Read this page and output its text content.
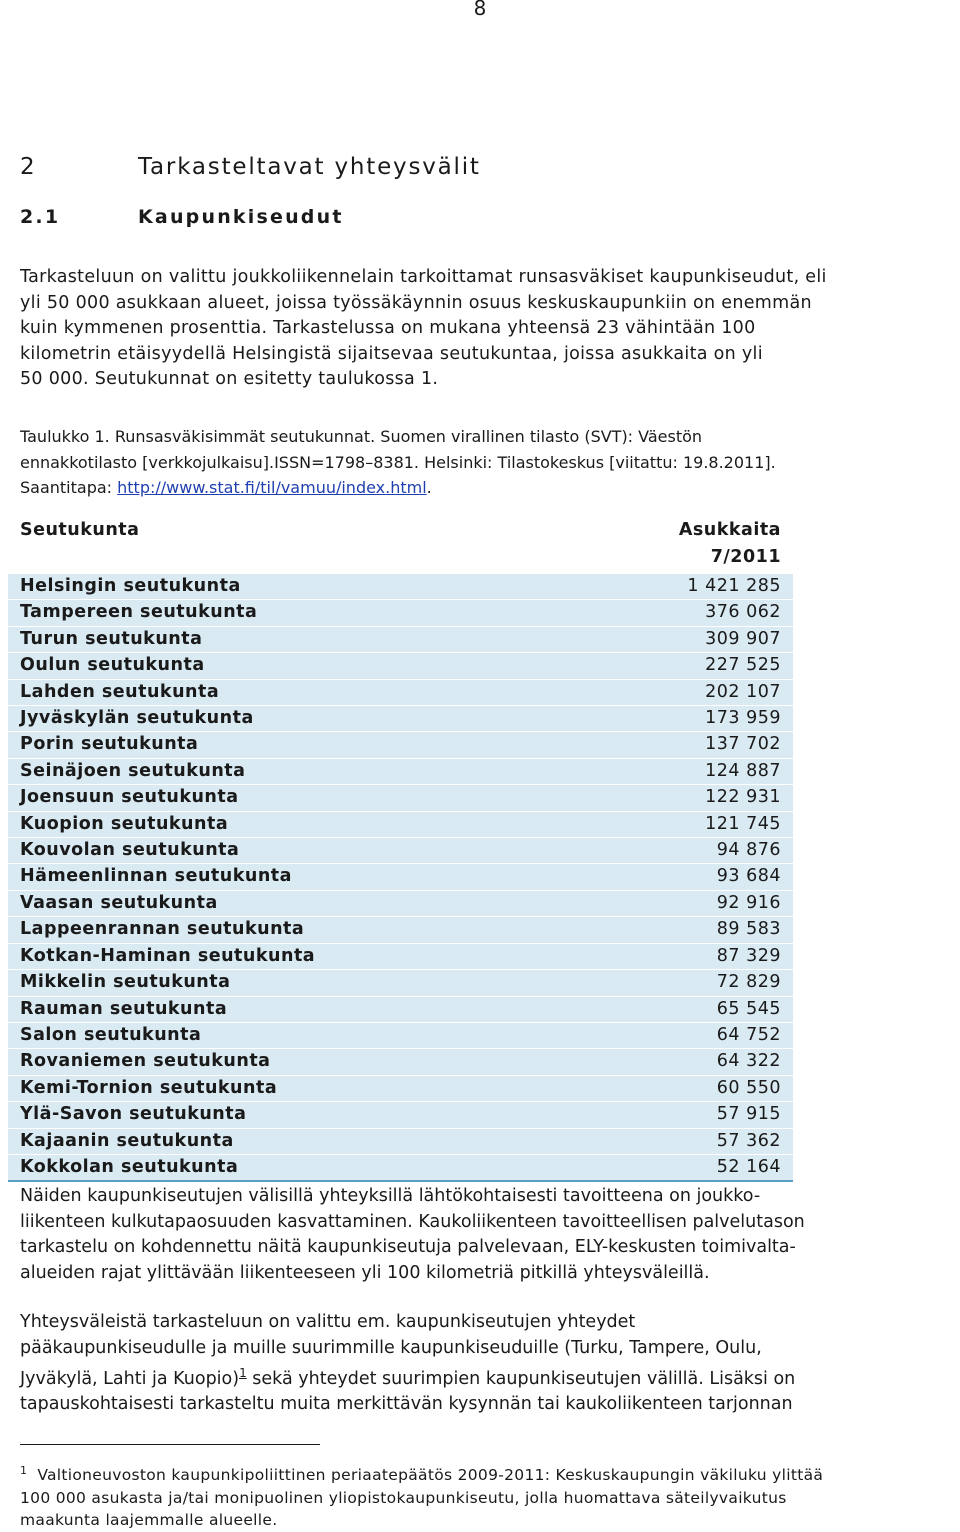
8
2	Tarkasteltavat yhteysvälit
2.1	Kaupunkiseudut

Tarkasteluun on valittu joukkoliikennelain tarkoittamat runsasväkiset kaupunkiseudut, eli
yli 50 000 asukkaan alueet, joissa työssäkäynnin osuus keskuskaupunkiin on enemmän
kuin kymmenen prosenttia. Tarkastelussa on mukana yhteensä 23 vähintään 100
kilometrin etäisyydellä Helsingistä sijaitsevaa seutukuntaa, joissa asukkaita on yli
50 000. Seutukunnat on esitetty taulukossa 1.

Taulukko 1. Runsasväkisimmät seutukunnat. Suomen virallinen tilasto (SVT): Väestön
ennakkotilasto [verkkojulkaisu].ISSN=1798–8381. Helsinki: Tilastokeskus [viitattu: 19.8.2011].
Saantitapa: http://www.stat.fi/til/vamuu/index.html.
Seutukunta	Asukkaita
7/2011
Helsingin seutukunta	1 421 285
Tampereen seutukunta	376 062
Turun seutukunta	309 907
Oulun seutukunta	227 525
Lahden seutukunta	202 107
Jyväskylän seutukunta	173 959
Porin seutukunta	137 702
Seinäjoen seutukunta	124 887
Joensuun seutukunta	122 931
Kuopion seutukunta	121 745
Kouvolan seutukunta	94 876
Hämeenlinnan seutukunta	93 684
Vaasan seutukunta	92 916
Lappeenrannan seutukunta	89 583
Kotkan-Haminan seutukunta	87 329
Mikkelin seutukunta	72 829
Rauman seutukunta	65 545
Salon seutukunta	64 752
Rovaniemen seutukunta	64 322
Kemi-Tornion seutukunta	60 550
Ylä-Savon seutukunta	57 915
Kajaanin seutukunta	57 362
Kokkolan seutukunta	52 164

Näiden kaupunkiseutujen välisillä yhteyksillä lähtökohtaisesti tavoitteena on joukko-
liikenteen kulkutapaosuuden kasvattaminen. Kaukoliikenteen tavoitteellisen palvelutason
tarkastelu on kohdennettu näitä kaupunkiseutuja palvelevaan, ELY-keskusten toimivalta-
alueiden rajat ylittävään liikenteeseen yli 100 kilometriä pitkillä yhteysväleillä.

Yhteysväleistä tarkasteluun on valittu em. kaupunkiseutujen yhteydet
pääkaupunkiseudulle ja muille suurimmille kaupunkiseuduille (Turku, Tampere, Oulu,
Jyväkylä, Lahti ja Kuopio)$^1$ sekä yhteydet suurimpien kaupunkiseutujen välillä. Lisäksi on
tapauskohtaisesti tarkasteltu muita merkittävän kysynnän tai kaukoliikenteen tarjonnan

$^1$ Valtioneuvoston kaupunkipoliittinen periaatepäätös 2009-2011: Keskuskaupungin väkiluku ylittää
100 000 asukasta ja/tai monipuolinen yliopistokaupunkiseutu, jolla huomattava säteilyvaikutus
maakunta laajemmalle alueelle.
